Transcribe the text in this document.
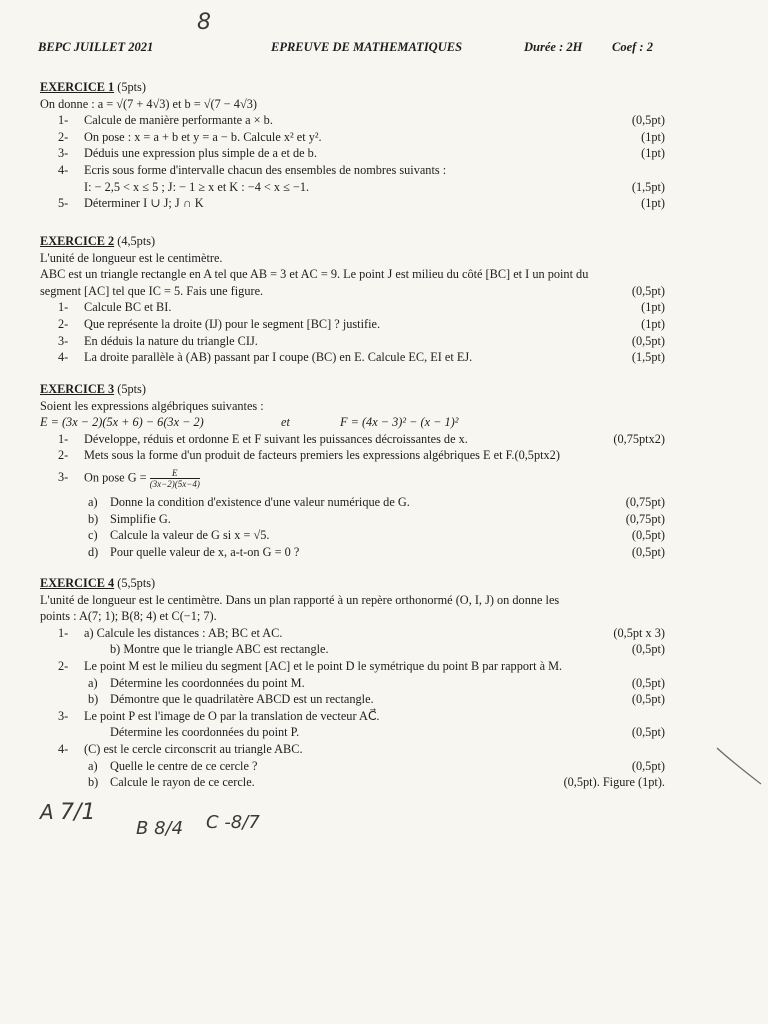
8
BEPC JUILLET 2021	EPREUVE DE MATHEMATIQUES	Durée : 2H Coef : 2
EXERCICE 1 (5pts)
On donne : a = √(7 + 4√3) et b = √(7 − 4√3)
1- Calcule de manière performante a × b.	(0,5pt)
2- On pose : x = a + b et y = a − b. Calcule x² et y².	(1pt)
3- Déduis une expression plus simple de a et de b.	(1pt)
4- Ecris sous forme d'intervalle chacun des ensembles de nombres suivants :
I: − 2,5 < x ≤ 5 ; J: − 1 ≥ x et K : −4 < x ≤ −1.	(1,5pt)
5- Déterminer I ∪ J; J ∩ K	(1pt)
EXERCICE 2 (4,5pts)
L'unité de longueur est le centimètre.
ABC est un triangle rectangle en A tel que AB = 3 et AC = 9. Le point J est milieu du côté [BC] et I un point du
segment [AC] tel que IC = 5. Fais une figure.	(0,5pt)
1- Calcule BC et BI.	(1pt)
2- Que représente la droite (IJ) pour le segment [BC] ? justifie.	(1pt)
3- En déduis la nature du triangle CIJ.	(0,5pt)
4- La droite parallèle à (AB) passant par I coupe (BC) en E. Calcule EC, EI et EJ.	(1,5pt)
EXERCICE 3 (5pts)
Soient les expressions algébriques suivantes :
E = (3x − 2)(5x + 6) − 6(3x − 2)	et	F = (4x − 3)² − (x − 1)²
1- Développe, réduis et ordonne E et F suivant les puissances décroissantes de x.	(0,75ptx2)
2- Mets sous la forme d'un produit de facteurs premiers les expressions algébriques E et F.(0,5ptx2)
3- On pose $G = \frac{E}{(3x-2)(5x-4)}$
a) Donne la condition d'existence d'une valeur numérique de G.	(0,75pt)
b) Simplifie G.	(0,75pt)
c) Calcule la valeur de G si x = √5.	(0,5pt)
d) Pour quelle valeur de x, a-t-on G = 0 ?	(0,5pt)
EXERCICE 4 (5,5pts)
L'unité de longueur est le centimètre. Dans un plan rapporté à un repère orthonormé (O, I, J) on donne les
points : A(7; 1); B(8; 4) et C(−1; 7).
1- a) Calcule les distances : AB; BC et AC.	(0,5pt x 3)
b) Montre que le triangle ABC est rectangle.	(0,5pt)
2- Le point M est le milieu du segment [AC] et le point D le symétrique du point B par rapport à M.
a) Détermine les coordonnées du point M.	(0,5pt)
b) Démontre que le quadrilatère ABCD est un rectangle.	(0,5pt)
3- Le point P est l'image de O par la translation de vecteur AC⃗.
Détermine les coordonnées du point P.	(0,5pt)
4- (C) est le cercle circonscrit au triangle ABC.
a) Quelle le centre de ce cercle ?	(0,5pt)
b) Calcule le rayon de ce cercle.	(0,5pt). Figure (1pt).
A 7/1
B 8/4 C -8/7
